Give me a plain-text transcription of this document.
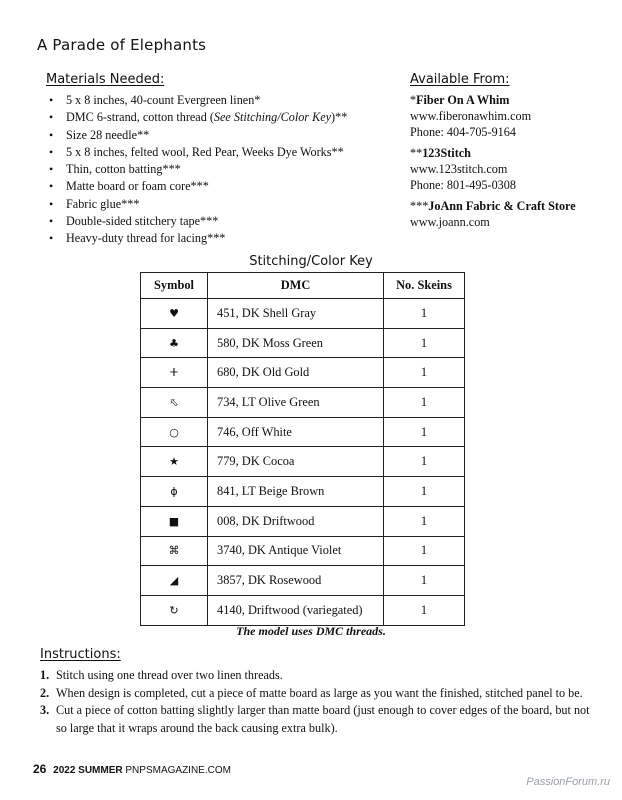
A Parade of Elephants
Materials Needed:
• 5 x 8 inches, 40-count Evergreen linen*
• DMC 6-strand, cotton thread (See Stitching/Color Key)**
• Size 28 needle**
• 5 x 8 inches, felted wool, Red Pear, Weeks Dye Works**
• Thin, cotton batting***
• Matte board or foam core***
• Fabric glue***
• Double-sided stitchery tape***
• Heavy-duty thread for lacing***
Available From:
*Fiber On A Whim
www.fiberonawhim.com
Phone: 404-705-9164
**123Stitch
www.123stitch.com
Phone: 801-495-0308
***JoAnn Fabric & Craft Store
www.joann.com
Stitching/Color Key
Symbol	DMC	No. Skeins
♥	451, DK Shell Gray	1
♣	580, DK Moss Green	1
ⵜ	680, DK Old Gold	1
⬁	734, LT Olive Green	1
○	746, Off White	1
★	779, DK Cocoa	1
ɸ	841, LT Beige Brown	1
■	008, DK Driftwood	1
⌘	3740, DK Antique Violet	1
◢	3857, DK Rosewood	1
↻	4140, Driftwood (variegated)	1
The model uses DMC threads.
Instructions:
1. Stitch using one thread over two linen threads.
2. When design is completed, cut a piece of matte board as large as you want the finished, stitched panel to be.
3. Cut a piece of cotton batting slightly larger than matte board (just enough to cover edges of the board, but not so large that it wraps around the back causing extra bulk).
26 2022 SUMMER PNPSMAGAZINE.COM
PassionForum.ru
